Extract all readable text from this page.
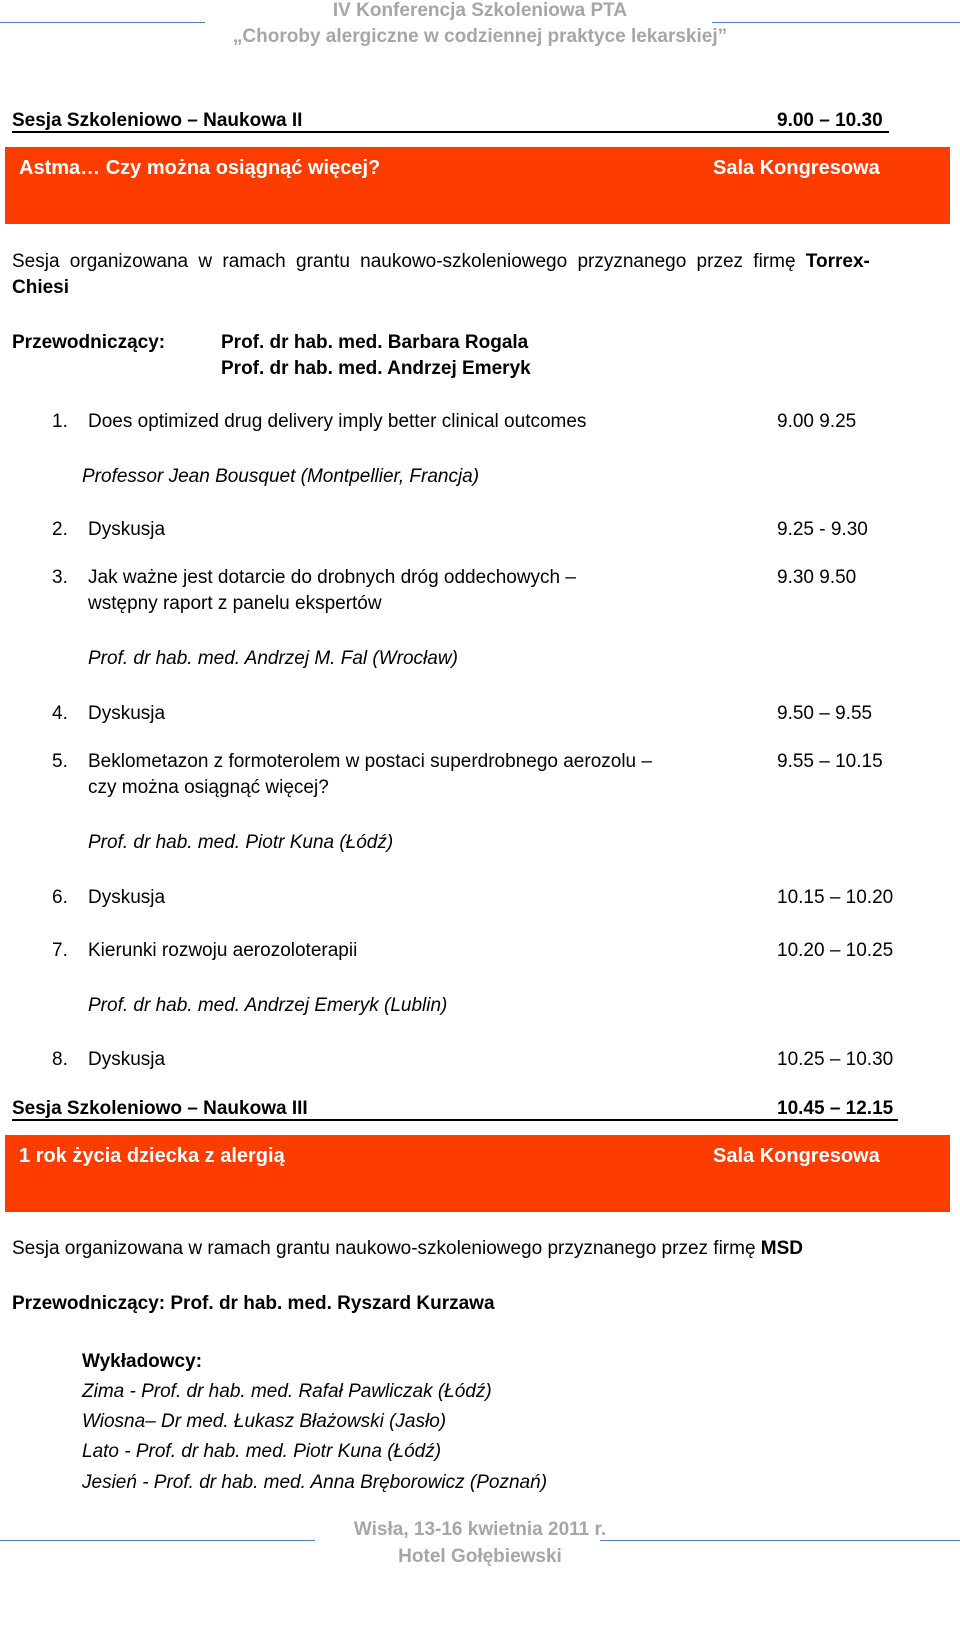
IV Konferencja Szkoleniowa PTA
„Choroby alergiczne w codziennej praktyce lekarskiej”
Sesja Szkoleniowo – Naukowa II	9.00 – 10.30
Astma… Czy można osiągnąć więcej?	Sala Kongresowa
Sesja organizowana w ramach grantu naukowo-szkoleniowego przyznanego przez firmę Torrex-
Chiesi
Przewodniczący:	Prof. dr hab. med. Barbara Rogala
Prof. dr hab. med. Andrzej Emeryk
1. Does optimized drug delivery imply better clinical outcomes	9.00 9.25
Professor Jean Bousquet (Montpellier, Francja)
2. Dyskusja	9.25 - 9.30
3. Jak ważne jest dotarcie do drobnych dróg oddechowych –
wstępny raport z panelu ekspertów
9.30 9.50
Prof. dr hab. med. Andrzej M. Fal (Wrocław)
4. Dyskusja	9.50 – 9.55
5. Beklometazon z formoterolem w postaci superdrobnego aerozolu –
czy można osiągnąć więcej?
9.55 – 10.15
Prof. dr hab. med. Piotr Kuna (Łódź)
6. Dyskusja	10.15 – 10.20
7. Kierunki rozwoju aerozoloterapii	10.20 – 10.25
Prof. dr hab. med. Andrzej Emeryk (Lublin)
8. Dyskusja	10.25 – 10.30
Sesja Szkoleniowo – Naukowa III	10.45 – 12.15
1 rok życia dziecka z alergią	Sala Kongresowa
Sesja organizowana w ramach grantu naukowo-szkoleniowego przyznanego przez firmę MSD
Przewodniczący: Prof. dr hab. med. Ryszard Kurzawa
Wykładowcy:
Zima - Prof. dr hab. med. Rafał Pawliczak (Łódź)
Wiosna– Dr med. Łukasz Błażowski (Jasło)
Lato - Prof. dr hab. med. Piotr Kuna (Łódź)
Jesień - Prof. dr hab. med. Anna Bręborowicz (Poznań)
Wisła, 13-16 kwietnia 2011 r.
Hotel Gołębiewski
